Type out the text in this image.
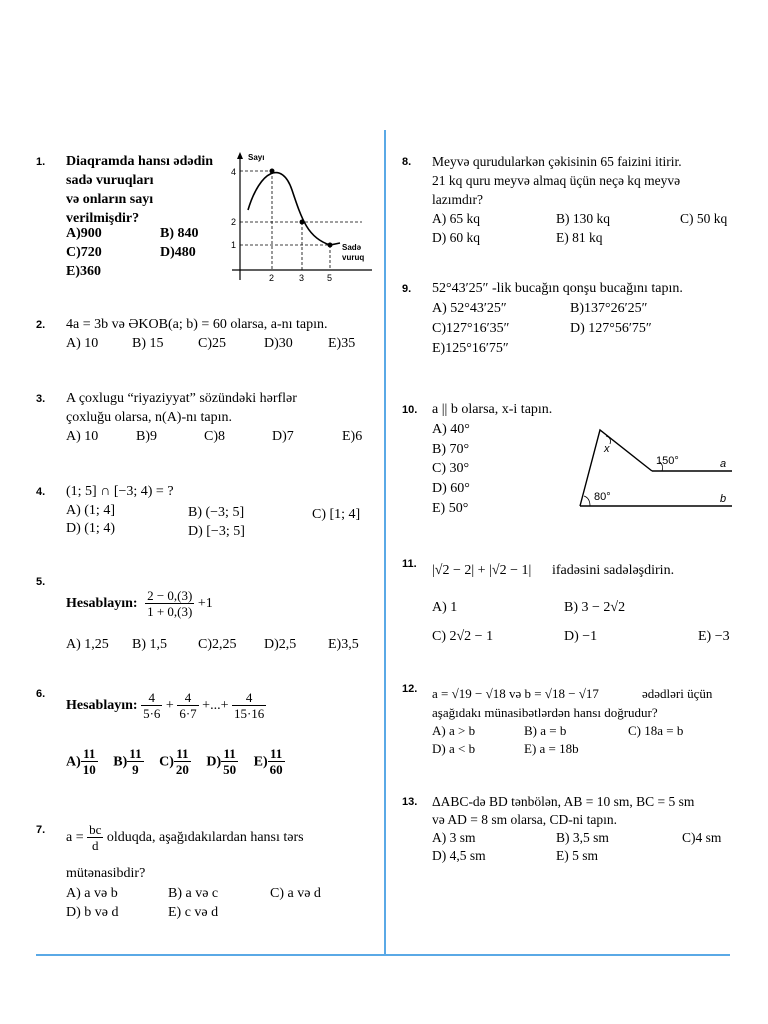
1. Diaqramda hansı ədədin
sadə vuruqları
və onların sayı
verilmişdir?
A)900	B) 840
C)720	D)480
E)360
Sayı
4
2
1
2	3	5
Sadə
vuruq
2. 4a = 3b və ƏKOB(a; b) = 60 olarsa, a-nı tapın.
A) 10 B) 15 C)25	D)30	E)35
3. A çoxlugu “riyaziyyat” sözündəki hərflər
çoxluğu olarsa, n(A)-nı tapın.
A) 10	B)9	C)8	D)7	E)6
4. (1; 5] ∩ [−3; 4) = ?
A) (1; 4]	B) (−3; 5]	C) [1; 4]
D) (1; 4)	D) [−3; 5]
5.
Hesablayın: $\frac{2 - 0,(3)}{1 + 0,(3)} +1$
A) 1,25 B) 1,5 C)2,25 D)2,5 E)3,5
6.
Hesablayın: $\frac{4}{5\cdot 6} + \frac{4}{6\cdot 7}$ +...+ $\frac{4}{15\cdot 16}$
$A) \frac{11}{10} B) \frac{11}{9} C) \frac{11}{20} D) \frac{11}{50} E) \frac{11}{60}$
7. $a = \frac{bc}{d}$ olduqda, aşağıdakılardan hansı tərs
mütənasibdir?
A) a və b	B) a və c	C) a və d
D) b və d	E) c və d
8. Meyvə qurudularkən çəkisinin 65 faizini itirir.
21 kq quru meyvə almaq üçün neçə kq meyvə
lazımdır?
A) 65 kq	B) 130 kq	C) 50 kq
D) 60 kq	E) 81 kq
9. 52°43′25″ -lik bucağın qonşu bucağını tapın.
A) 52°43′25″	B)137°26′25″
C)127°16′35″	D) 127°56′75″
E)125°16′75″
10. a || b olarsa, x-i tapın.
A) 40°
B) 70°
C) 30°
D) 60°
E) 50°
x
150°
80°
a
b
11. |√2 − 2| + |√2 − 1| ifadəsini sadələşdirin.
A) 1	B) 3 − 2√2
C) 2√2 − 1	D) −1	E) −3
12. a = √19 − √18 və b = √18 − √17	ədədləri üçün
aşağıdakı münasibətlərdən hansı doğrudur?
A) a > b	B) a = b	C) 18a = b
D) a < b	E) a = 18b
13. ΔABC-də BD tənbölən, AB = 10 sm, BC = 5 sm
və AD = 8 sm olarsa, CD-ni tapın.
A) 3 sm	B) 3,5 sm	C)4 sm
D) 4,5 sm	E) 5 sm
